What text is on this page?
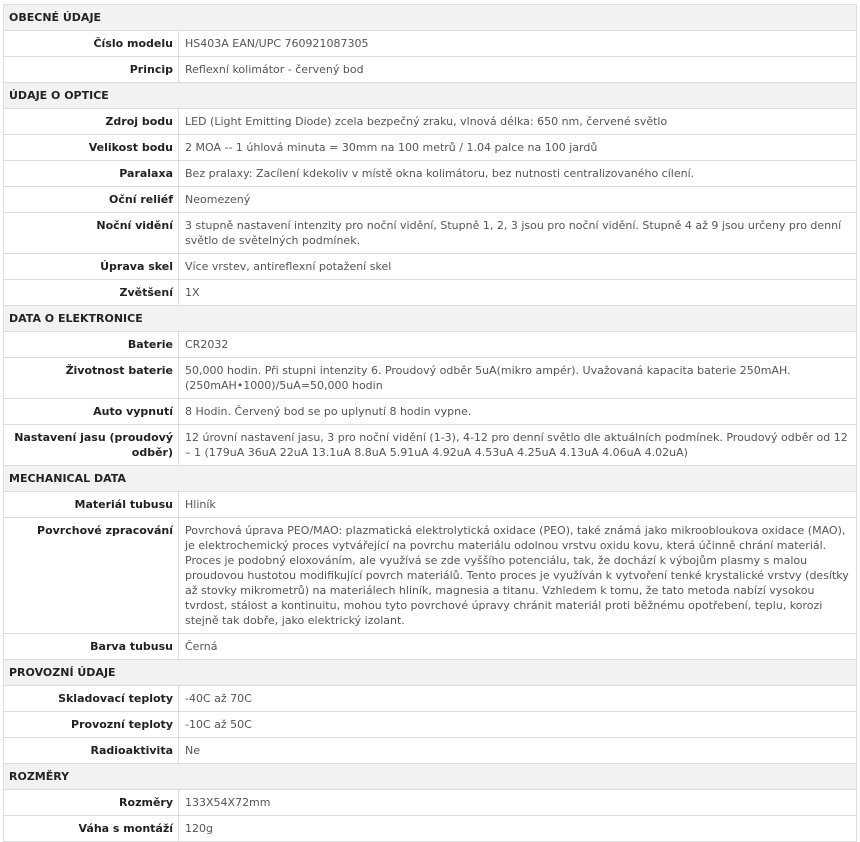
OBECNÉ ÚDAJE	
Číslo modelu	HS403A EAN/UPC 760921087305
Princip	Reflexní kolimátor - červený bod
ÚDAJE O OPTICE	
Zdroj bodu	LED (Light Emitting Diode) zcela bezpečný zraku, vlnová délka: 650 nm, červené světlo
Velikost bodu	2 MOA -- 1 úhlová minuta = 30mm na 100 metrů / 1.04 palce na 100 jardů
Paralaxa	Bez pralaxy: Zacílení kdekoliv v místě okna kolimátoru, bez nutnosti centralizovaného cílení.
Oční reliéf	Neomezený
Noční vidění	3 stupně nastavení intenzity pro noční vidění, Stupně 1, 2, 3 jsou pro noční vidění. Stupně 4 až 9 jsou určeny pro denní světlo de světelných podmínek.
Úprava skel	Více vrstev, antireflexní potažení skel
Zvětšení	1X
DATA O ELEKTRONICE	
Baterie	CR2032
Životnost baterie	50,000 hodin. Při stupni intenzity 6. Proudový odběr 5uA(mikro ampér). Uvažovaná kapacita baterie 250mAH. (250mAH•1000)/5uA=50,000 hodin
Auto vypnutí	8 Hodin. Červený bod se po uplynutí 8 hodin vypne.
Nastavení jasu (proudový odběr)	12 úrovní nastavení jasu, 3 pro noční vidění (1-3), 4-12 pro denní světlo dle aktuálních podmínek. Proudový odběr od 12 – 1 (179uA 36uA 22uA 13.1uA 8.8uA 5.91uA 4.92uA 4.53uA 4.25uA 4.13uA 4.06uA 4.02uA)
MECHANICAL DATA	
Materiál tubusu	Hliník
Povrchové zpracování	Povrchová úprava PEO/MAO: plazmatická elektrolytická oxidace (PEO), také známá jako mikroobloukovа oxidace (MAO), je elektrochemický proces vytvářející na povrchu materiálu odolnou vrstvu oxidu kovu, která účinně chrání materiál. Proces je podobný eloxováním, ale využívá se zde vyššího potenciálu, tak, že dochází k výbojům plasmy s malou proudovou hustotou modifikující povrch materiálů. Tento proces je využíván k vytvoření tenké krystalické vrstvy (desítky až stovky mikrometrů) na materiálech hliník, magnesia a titanu. Vzhledem k tomu, že tato metoda nabízí vysokou tvrdost, stálost a kontinuitu, mohou tyto povrchové úpravy chránit materiál proti běžnému opotřebení, teplu, korozi stejně tak dobře, jako elektrický izolant.
Barva tubusu	Černá
PROVOZNÍ ÚDAJE	
Skladovací teploty	-40C až 70C
Provozní teploty	-10C až 50C
Radioaktivita	Ne
ROZMĚRY	
Rozměry	133X54X72mm
Váha s montáží	120g
